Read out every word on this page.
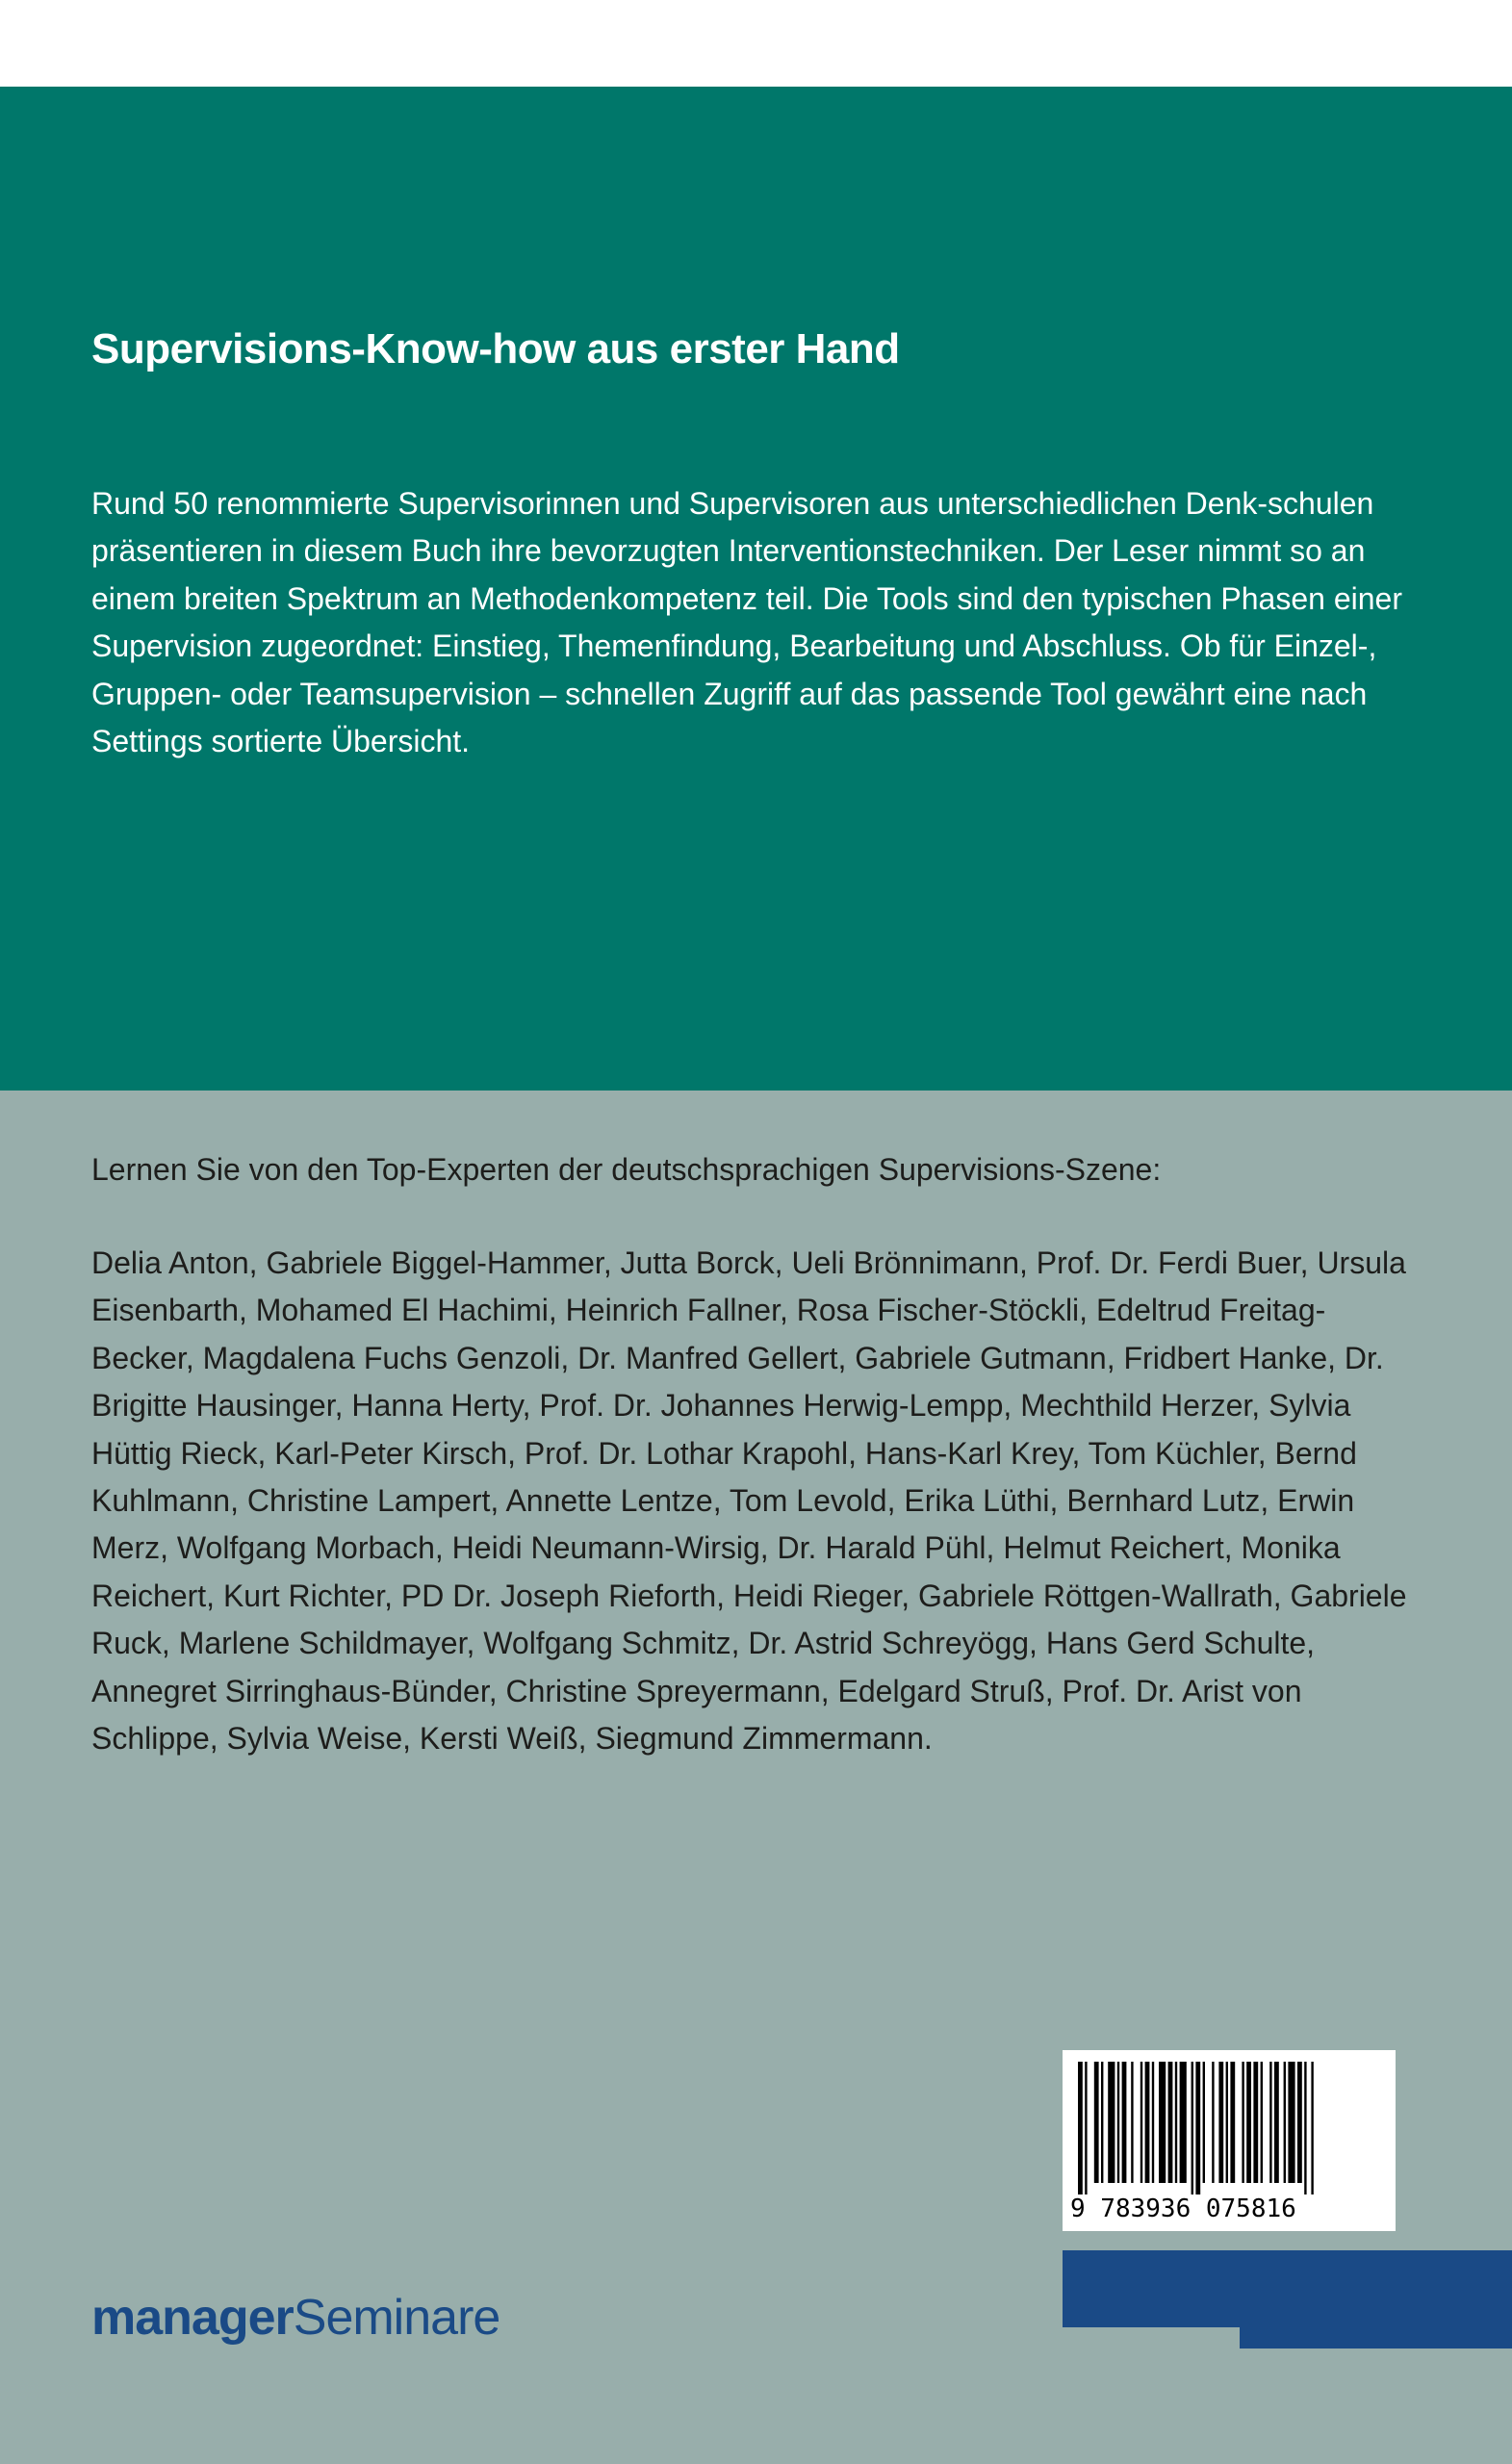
Supervisions-Know-how aus erster Hand

Rund 50 renommierte Supervisorinnen und Supervisoren aus unterschiedlichen Denk-schulen präsentieren in diesem Buch ihre bevorzugten Interventionstechniken. Der Leser nimmt so an einem breiten Spektrum an Methodenkompetenz teil. Die Tools sind den typischen Phasen einer Supervision zugeordnet: Einstieg, Themenfindung, Bearbeitung und Abschluss. Ob für Einzel-, Gruppen- oder Teamsupervision – schnellen Zugriff auf das passende Tool gewährt eine nach Settings sortierte Übersicht.

Lernen Sie von den Top-Experten der deutschsprachigen Supervisions-Szene:

Delia Anton, Gabriele Biggel-Hammer, Jutta Borck, Ueli Brönnimann, Prof. Dr. Ferdi Buer, Ursula Eisenbarth, Mohamed El Hachimi, Heinrich Fallner, Rosa Fischer-Stöckli, Edeltrud Freitag-Becker, Magdalena Fuchs Genzoli, Dr. Manfred Gellert, Gabriele Gutmann, Fridbert Hanke, Dr. Brigitte Hausinger, Hanna Herty, Prof. Dr. Johannes Herwig-Lempp, Mechthild Herzer, Sylvia Hüttig Rieck, Karl-Peter Kirsch, Prof. Dr. Lothar Krapohl, Hans-Karl Krey, Tom Küchler, Bernd Kuhlmann, Christine Lampert, Annette Lentze, Tom Levold, Erika Lüthi, Bernhard Lutz, Erwin Merz, Wolfgang Morbach, Heidi Neumann-Wirsig, Dr. Harald Pühl, Helmut Reichert, Monika Reichert, Kurt Richter, PD Dr. Joseph Rieforth, Heidi Rieger, Gabriele Röttgen-Wallrath, Gabriele Ruck, Marlene Schildmayer, Wolfgang Schmitz, Dr. Astrid Schreyögg, Hans Gerd Schulte, Annegret Sirringhaus-Bünder, Christine Spreyermann, Edelgard Struß, Prof. Dr. Arist von Schlippe, Sylvia Weise, Kersti Weiß, Siegmund Zimmermann.

9 783936 075816
managerSeminare
